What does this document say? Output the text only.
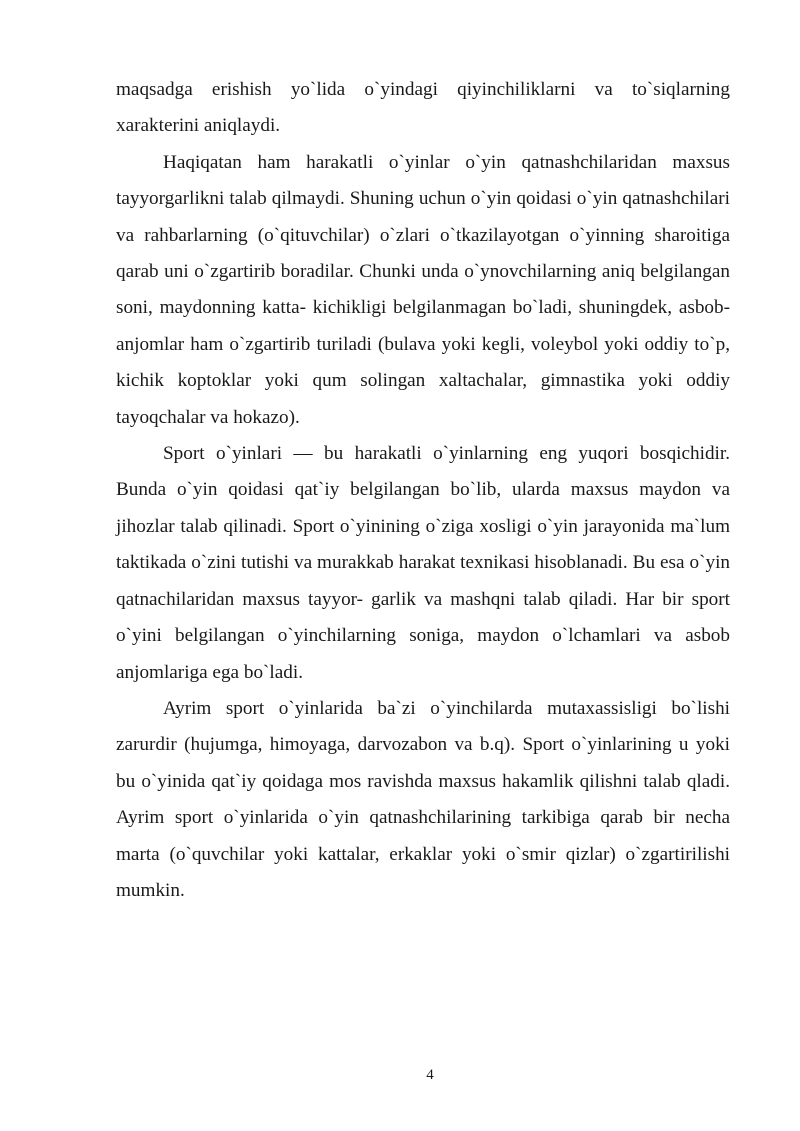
maqsadga erishish yo`lida o`yindagi qiyinchiliklarni va to`siqlarning xarakterini aniqlaydi.

Haqiqatan ham harakatli o`yinlar o`yin qatnashchilaridan maxsus tayyorgarlikni talab qilmaydi. Shuning uchun o`yin qoidasi o`yin qatnashchilari va rahbarlarning (o`qituvchilar) o`zlari o`tkazilayotgan o`yinning sharoitiga qarab uni o`zgartirib boradilar. Chunki unda o`ynovchilarning aniq belgilangan soni, maydonning katta- kichikligi belgilanmagan bo`ladi, shuningdek, asbob-anjomlar ham o`zgartirib turiladi (bulava yoki kegli, voleybol yoki oddiy to`p, kichik koptoklar yoki qum solingan xaltachalar, gimnastika yoki oddiy tayoqchalar va hokazo).

Sport o`yinlari — bu harakatli o`yinlarning eng yuqori bosqichidir. Bunda o`yin qoidasi qat`iy belgilangan bo`lib, ularda maxsus maydon va jihozlar talab qilinadi. Sport o`yinining o`ziga xosligi o`yin jarayonida ma`lum taktikada o`zini tutishi va murakkab harakat texnikasi hisoblanadi. Bu esa o`yin qatnachilaridan maxsus tayyor- garlik va mashqni talab qiladi. Har bir sport o`yini belgilangan o`yinchilarning soniga, maydon o`lchamlari va asbob anjomlariga ega bo`ladi.

Ayrim sport o`yinlarida ba`zi o`yinchilarda mutaxassisligi bo`lishi zarurdir (hujumga, himoyaga, darvozabon va b.q). Sport o`yinlarining u yoki bu o`yinida qat`iy qoidaga mos ravishda maxsus hakamlik qilishni talab qladi. Ayrim sport o`yinlarida o`yin qatnashchilarining tarkibiga qarab bir necha marta (o`quvchilar yoki kattalar, erkaklar yoki o`smir qizlar) o`zgartirilishi mumkin.

4
